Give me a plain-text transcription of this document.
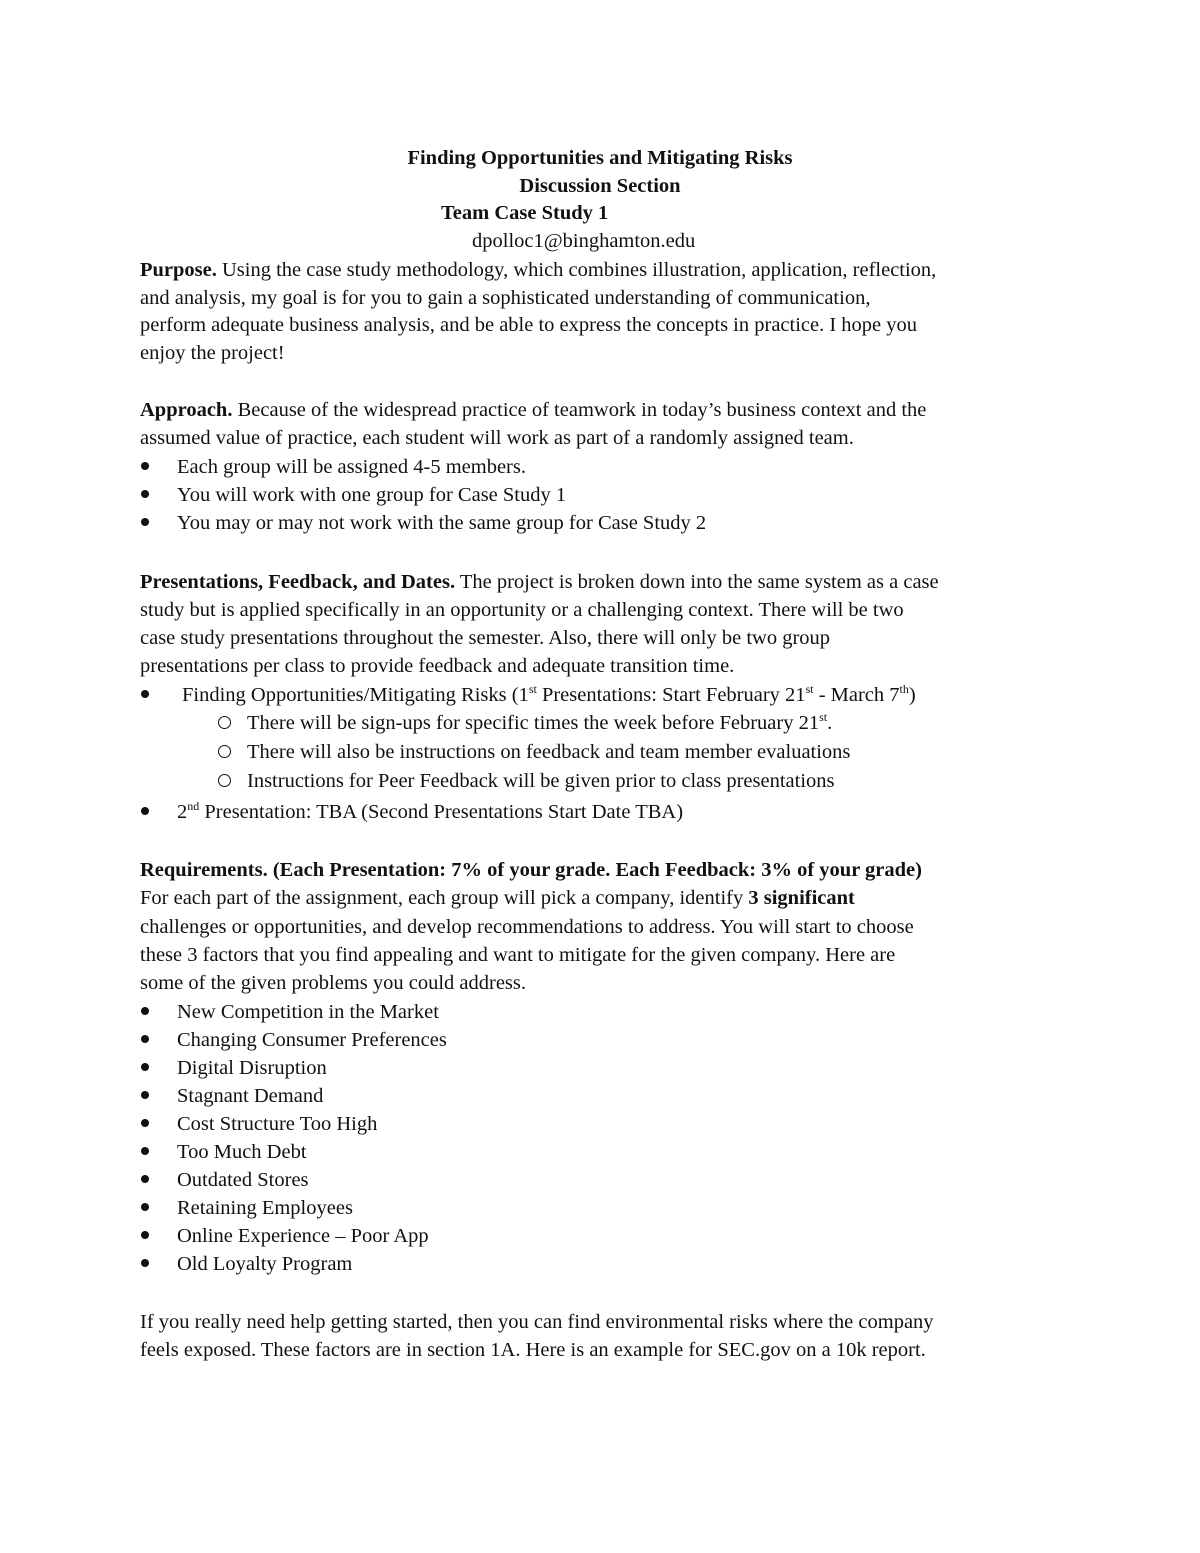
Finding Opportunities and Mitigating Risks
Discussion Section
Team Case Study 1
dpolloc1@binghamton.edu
Purpose. Using the case study methodology, which combines illustration, application, reflection,
and analysis, my goal is for you to gain a sophisticated understanding of communication,
perform adequate business analysis, and be able to express the concepts in practice. I hope you
enjoy the project!
Approach. Because of the widespread practice of teamwork in today’s business context and the
assumed value of practice, each student will work as part of a randomly assigned team.
Each group will be assigned 4-5 members.
You will work with one group for Case Study 1
You may or may not work with the same group for Case Study 2
Presentations, Feedback, and Dates. The project is broken down into the same system as a case
study but is applied specifically in an opportunity or a challenging context. There will be two
case study presentations throughout the semester. Also, there will only be two group
presentations per class to provide feedback and adequate transition time.
Finding Opportunities/Mitigating Risks (1st Presentations: Start February 21st - March 7th)
There will be sign-ups for specific times the week before February 21st.
There will also be instructions on feedback and team member evaluations
Instructions for Peer Feedback will be given prior to class presentations
2nd Presentation: TBA (Second Presentations Start Date TBA)
Requirements. (Each Presentation: 7% of your grade. Each Feedback: 3% of your grade)
For each part of the assignment, each group will pick a company, identify 3 significant
challenges or opportunities, and develop recommendations to address. You will start to choose
these 3 factors that you find appealing and want to mitigate for the given company. Here are
some of the given problems you could address.
New Competition in the Market
Changing Consumer Preferences
Digital Disruption
Stagnant Demand
Cost Structure Too High
Too Much Debt
Outdated Stores
Retaining Employees
Online Experience – Poor App
Old Loyalty Program
If you really need help getting started, then you can find environmental risks where the company
feels exposed. These factors are in section 1A. Here is an example for SEC.gov on a 10k report.
